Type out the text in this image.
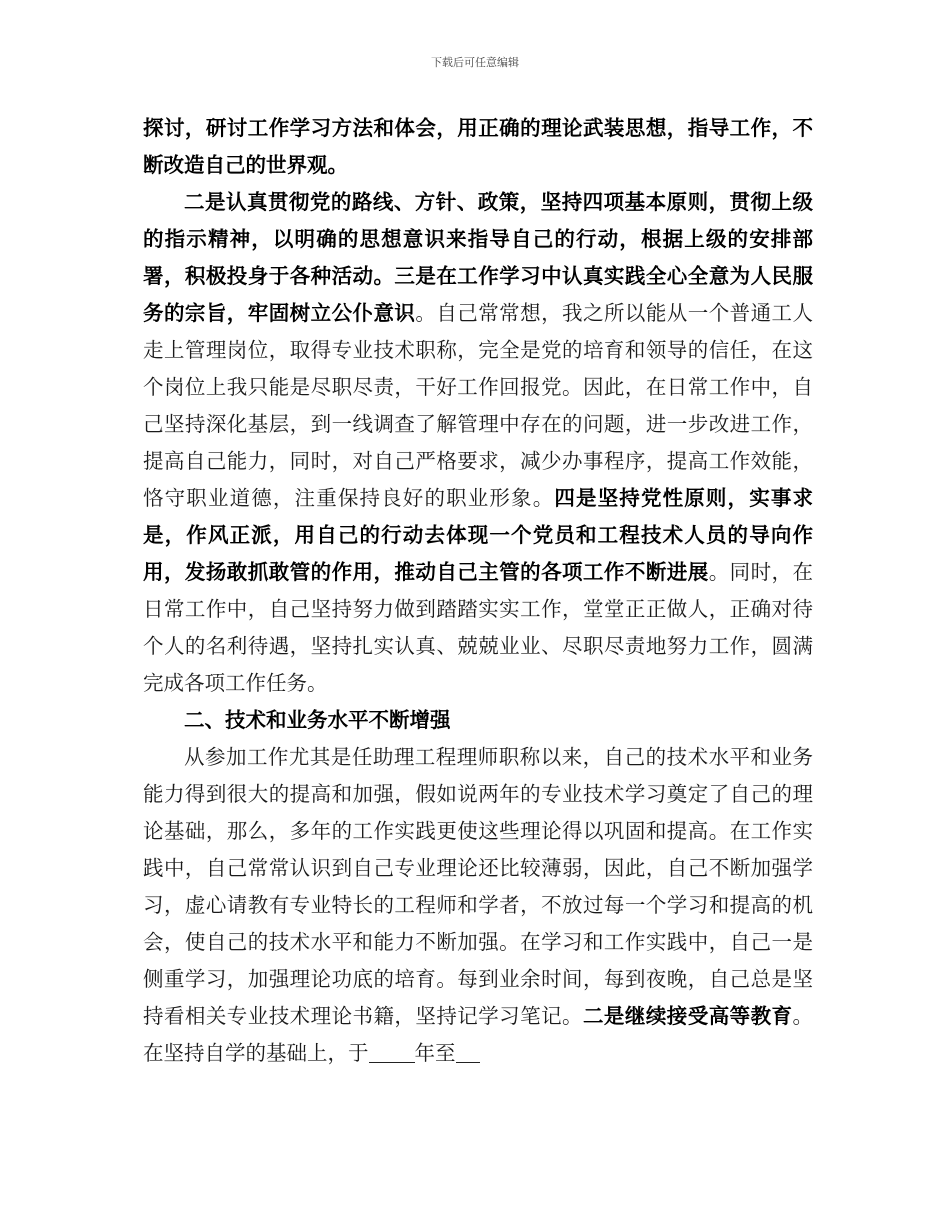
下载后可任意编辑

探讨，研讨工作学习方法和体会，用正确的理论武装思想，指导工作，不断改造自己的世界观。

二是认真贯彻党的路线、方针、政策，坚持四项基本原则，贯彻上级的指示精神，以明确的思想意识来指导自己的行动，根据上级的安排部署，积极投身于各种活动。三是在工作学习中认真实践全心全意为人民服务的宗旨，牢固树立公仆意识。自己常常想，我之所以能从一个普通工人走上管理岗位，取得专业技术职称，完全是党的培育和领导的信任，在这个岗位上我只能是尽职尽责，干好工作回报党。因此，在日常工作中，自己坚持深化基层，到一线调查了解管理中存在的问题，进一步改进工作，提高自己能力，同时，对自己严格要求，减少办事程序，提高工作效能，恪守职业道德，注重保持良好的职业形象。四是坚持党性原则，实事求是，作风正派，用自己的行动去体现一个党员和工程技术人员的导向作用，发扬敢抓敢管的作用，推动自己主管的各项工作不断进展。同时，在日常工作中，自己坚持努力做到踏踏实实工作，堂堂正正做人，正确对待个人的名利待遇，坚持扎实认真、兢兢业业、尽职尽责地努力工作，圆满完成各项工作任务。

二、技术和业务水平不断增强

从参加工作尤其是任助理工程理师职称以来，自己的技术水平和业务能力得到很大的提高和加强，假如说两年的专业技术学习奠定了自己的理论基础，那么，多年的工作实践更使这些理论得以巩固和提高。在工作实践中，自己常常认识到自己专业理论还比较薄弱，因此，自己不断加强学习，虚心请教有专业特长的工程师和学者，不放过每一个学习和提高的机会，使自己的技术水平和能力不断加强。在学习和工作实践中，自己一是侧重学习，加强理论功底的培育。每到业余时间，每到夜晚，自己总是坚持看相关专业技术理论书籍，坚持记学习笔记。二是继续接受高等教育。在坚持自学的基础上，于 年至
